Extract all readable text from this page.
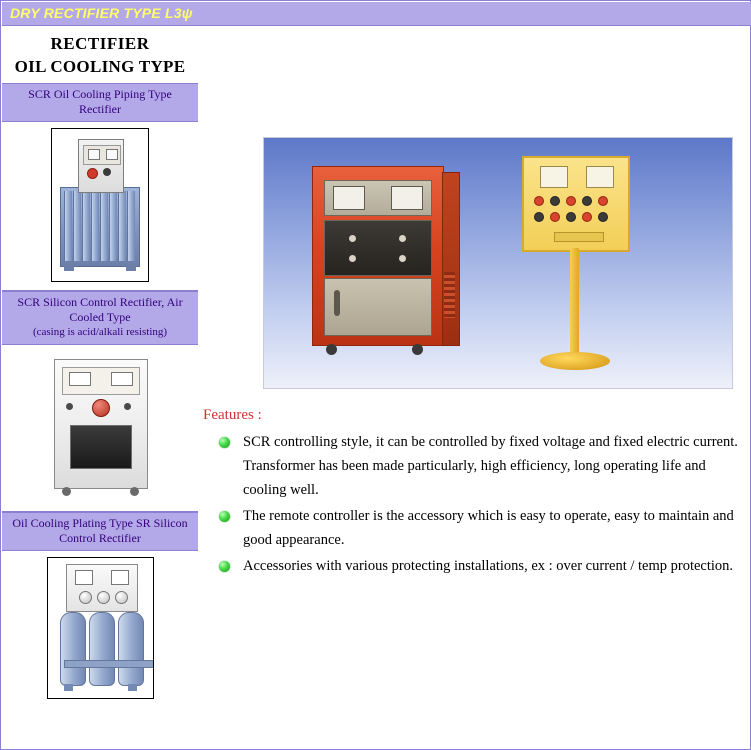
DRY RECTIFIER TYPE L3ψ
RECTIFIER
OIL COOLING TYPE
SCR Oil Cooling Piping Type Rectifier
SCR Silicon Control Rectifier, Air Cooled Type
(casing is acid/alkali resisting)
Oil Cooling Plating Type SR Silicon Control Rectifier
Features :
SCR controlling style, it can be controlled by fixed voltage and fixed electric current. Transformer has been made particularly, high efficiency, long operating life and cooling well.
The remote controller is the accessory which is easy to operate, easy to maintain and good appearance.
Accessories with various protecting installations, ex : over current / temp protection.
